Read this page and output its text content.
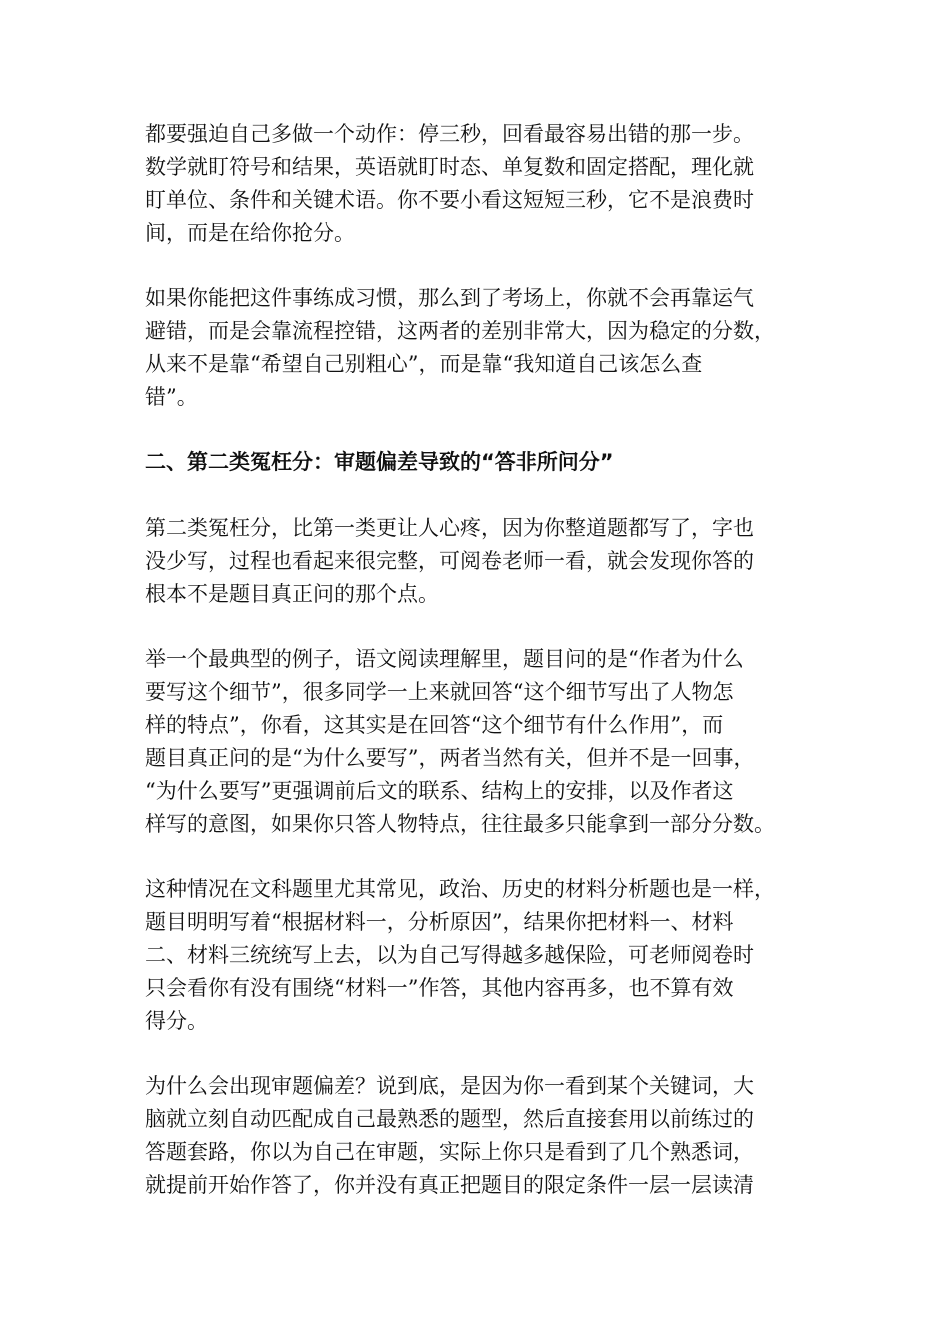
都要强迫自己多做一个动作：停三秒，回看最容易出错的那一步。
数学就盯符号和结果，英语就盯时态、单复数和固定搭配，理化就
盯单位、条件和关键术语。你不要小看这短短三秒，它不是浪费时
间，而是在给你抢分。
如果你能把这件事练成习惯，那么到了考场上，你就不会再靠运气
避错，而是会靠流程控错，这两者的差别非常大，因为稳定的分数，
从来不是靠“希望自己别粗心”，而是靠“我知道自己该怎么查
错”。
二、第二类冤枉分：审题偏差导致的“答非所问分”
第二类冤枉分，比第一类更让人心疼，因为你整道题都写了，字也
没少写，过程也看起来很完整，可阅卷老师一看，就会发现你答的
根本不是题目真正问的那个点。
举一个最典型的例子，语文阅读理解里，题目问的是“作者为什么
要写这个细节”，很多同学一上来就回答“这个细节写出了人物怎
样的特点”，你看，这其实是在回答“这个细节有什么作用”，而
题目真正问的是“为什么要写”，两者当然有关，但并不是一回事，
“为什么要写”更强调前后文的联系、结构上的安排，以及作者这
样写的意图，如果你只答人物特点，往往最多只能拿到一部分分数。
这种情况在文科题里尤其常见，政治、历史的材料分析题也是一样，
题目明明写着“根据材料一，分析原因”，结果你把材料一、材料
二、材料三统统写上去，以为自己写得越多越保险，可老师阅卷时
只会看你有没有围绕“材料一”作答，其他内容再多，也不算有效
得分。
为什么会出现审题偏差？说到底，是因为你一看到某个关键词，大
脑就立刻自动匹配成自己最熟悉的题型，然后直接套用以前练过的
答题套路，你以为自己在审题，实际上你只是看到了几个熟悉词，
就提前开始作答了，你并没有真正把题目的限定条件一层一层读清
